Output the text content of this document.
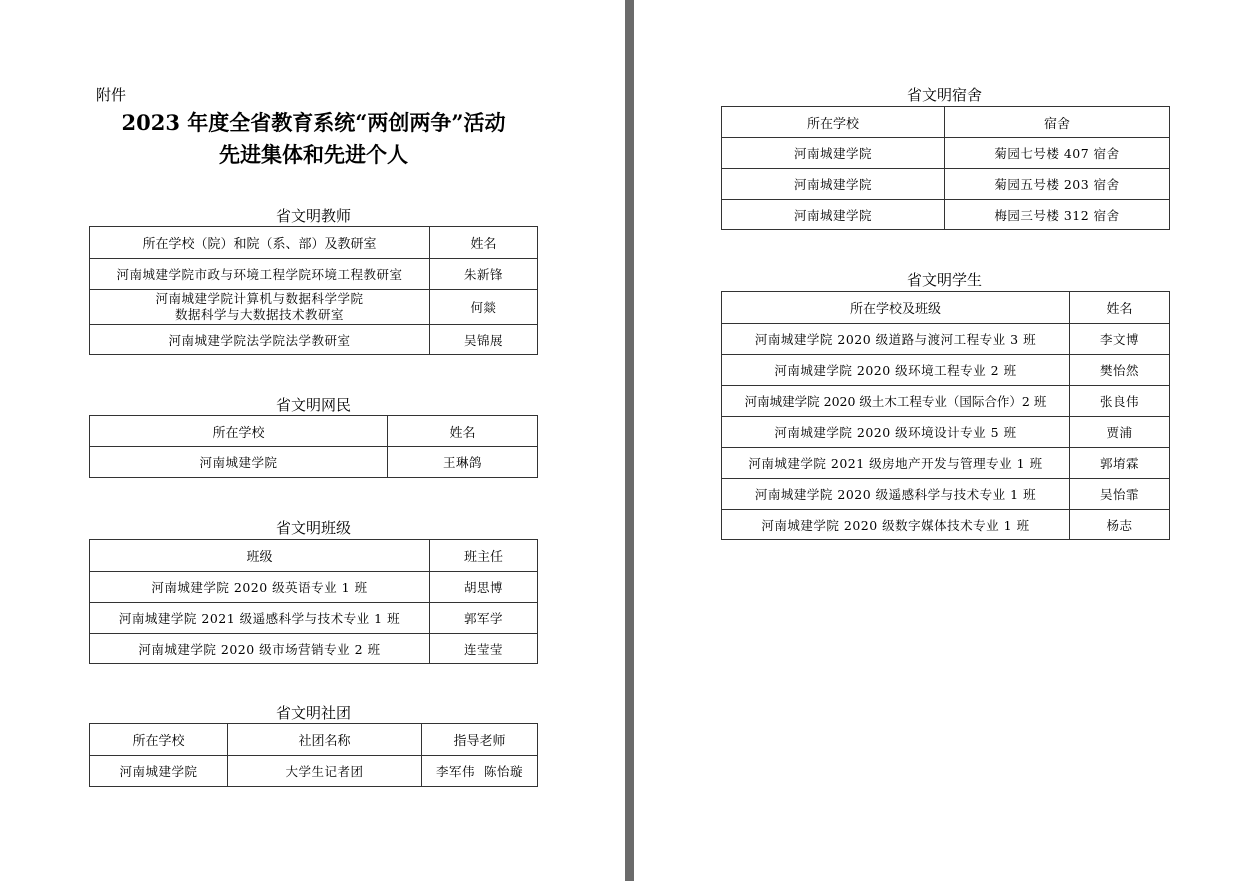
附件
2023 年度全省教育系统“两创两争”活动
先进集体和先进个人
省文明教师
所在学校（院）和院（系、部）及教研室	姓名
河南城建学院市政与环境工程学院环境工程教研室	朱新锋

河南城建学院计算机与数据科学学院
数据科学与大数据技术教研室	何燚
河南城建学院法学院法学教研室	吴锦展
省文明网民
所在学校	姓名
河南城建学院	王琳鸽
省文明班级
班级	班主任
河南城建学院 2020 级英语专业 1 班	胡思博
河南城建学院 2021 级遥感科学与技术专业 1 班	郭军学
河南城建学院 2020 级市场营销专业 2 班	连莹莹
省文明社团
所在学校	社团名称	指导老师
河南城建学院	大学生记者团	李军伟  陈怡璇
省文明宿舍
所在学校	宿舍
河南城建学院	菊园七号楼 407 宿舍
河南城建学院	菊园五号楼 203 宿舍
河南城建学院	梅园三号楼 312 宿舍
省文明学生
所在学校及班级	姓名
河南城建学院 2020 级道路与渡河工程专业 3 班	李文博
河南城建学院 2020 级环境工程专业 2 班	樊怡然
河南城建学院 2020 级土木工程专业（国际合作）2 班	张良伟
河南城建学院 2020 级环境设计专业 5 班	贾浦
河南城建学院 2021 级房地产开发与管理专业 1 班	郭堉霖
河南城建学院 2020 级遥感科学与技术专业 1 班	吴怡霏
河南城建学院 2020 级数字媒体技术专业 1 班	杨志
